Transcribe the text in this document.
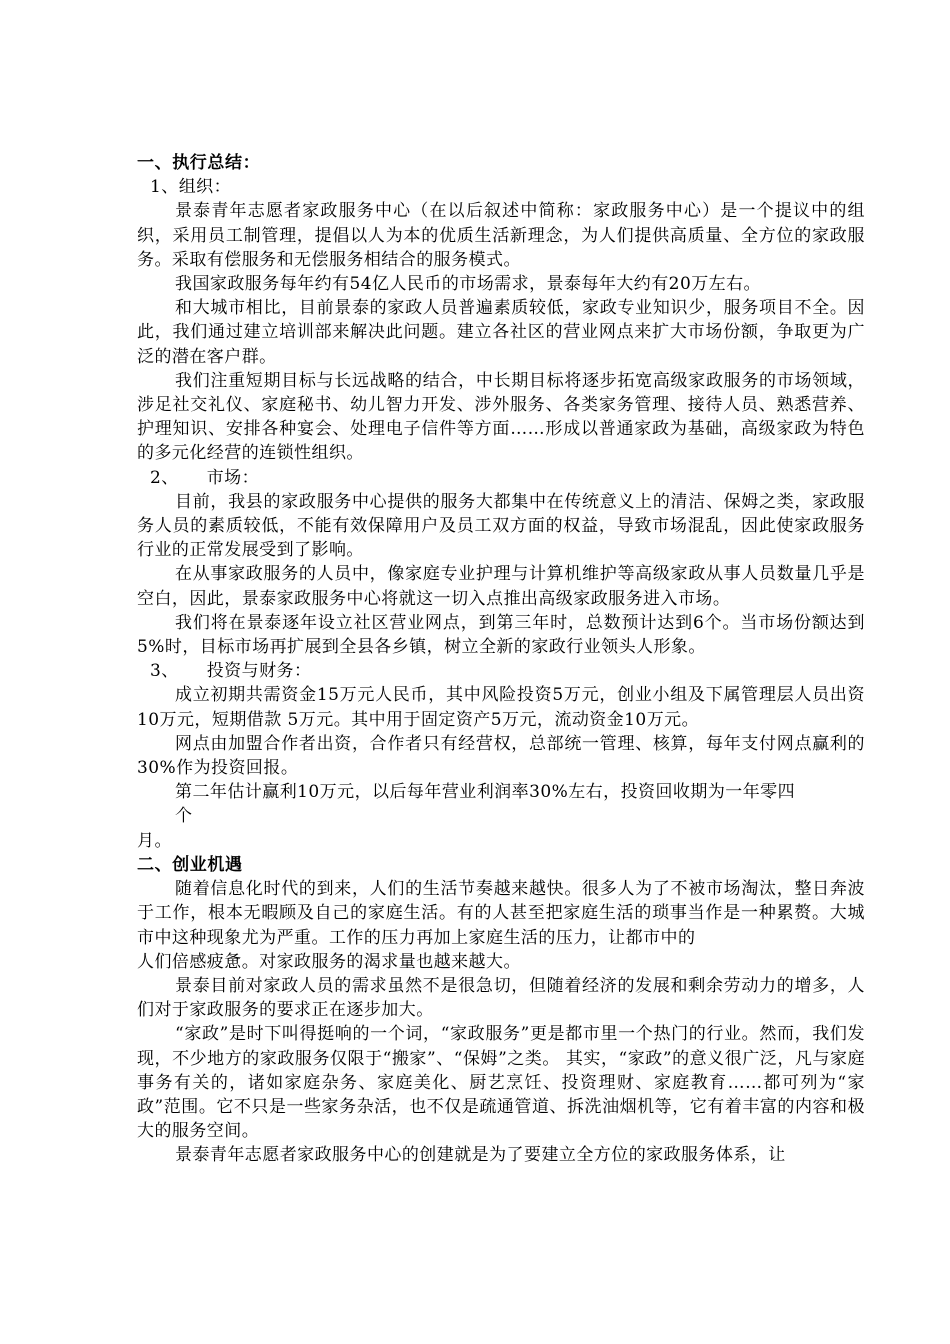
一、执行总结：

1、组织：

景泰青年志愿者家政服务中心（在以后叙述中简称：家政服务中心）是一个提议中的组织，采用员工制管理，提倡以人为本的优质生活新理念，为人们提供高质量、全方位的家政服务。采取有偿服务和无偿服务相结合的服务模式。

我国家政服务每年约有54亿人民币的市场需求，景泰每年大约有20万左右。

和大城市相比，目前景泰的家政人员普遍素质较低，家政专业知识少，服务项目不全。因此，我们通过建立培训部来解决此问题。建立各社区的营业网点来扩大市场份额，争取更为广泛的潜在客户群。

我们注重短期目标与长远战略的结合，中长期目标将逐步拓宽高级家政服务的市场领域，涉足社交礼仪、家庭秘书、幼儿智力开发、涉外服务、各类家务管理、接待人员、熟悉营养、护理知识、安排各种宴会、处理电子信件等方面……形成以普通家政为基础，高级家政为特色的多元化经营的连锁性组织。

2、 市场：

目前，我县的家政服务中心提供的服务大都集中在传统意义上的清洁、保姆之类，家政服务人员的素质较低，不能有效保障用户及员工双方面的权益，导致市场混乱，因此使家政服务行业的正常发展受到了影响。

在从事家政服务的人员中，像家庭专业护理与计算机维护等高级家政从事人员数量几乎是空白，因此，景泰家政服务中心将就这一切入点推出高级家政服务进入市场。

我们将在景泰逐年设立社区营业网点，到第三年时，总数预计达到6个。当市场份额达到5%时，目标市场再扩展到全县各乡镇，树立全新的家政行业领头人形象。

3、 投资与财务：

成立初期共需资金15万元人民币，其中风险投资5万元，创业小组及下属管理层人员出资10万元，短期借款 5万元。其中用于固定资产5万元，流动资金10万元。

网点由加盟合作者出资，合作者只有经营权，总部统一管理、核算，每年支付网点赢利的30%作为投资回报。

第二年估计赢利10万元，以后每年营业利润率30%左右，投资回收期为一年零四

个

月。

二、创业机遇

随着信息化时代的到来，人们的生活节奏越来越快。很多人为了不被市场淘汰，整日奔波于工作，根本无暇顾及自己的家庭生活。有的人甚至把家庭生活的琐事当作是一种累赘。大城市中这种现象尤为严重。工作的压力再加上家庭生活的压力，让都市中的

人们倍感疲惫。对家政服务的渴求量也越来越大。

景泰目前对家政人员的需求虽然不是很急切，但随着经济的发展和剩余劳动力的增多，人们对于家政服务的要求正在逐步加大。

“家政”是时下叫得挺响的一个词，“家政服务”更是都市里一个热门的行业。然而，我们发现，不少地方的家政服务仅限于“搬家”、“保姆”之类。 其实，“家政”的意义很广泛，凡与家庭事务有关的，诸如家庭杂务、家庭美化、厨艺烹饪、投资理财、家庭教育……都可列为“家政”范围。它不只是一些家务杂活，也不仅是疏通管道、拆洗油烟机等，它有着丰富的内容和极大的服务空间。

景泰青年志愿者家政服务中心的创建就是为了要建立全方位的家政服务体系，让
